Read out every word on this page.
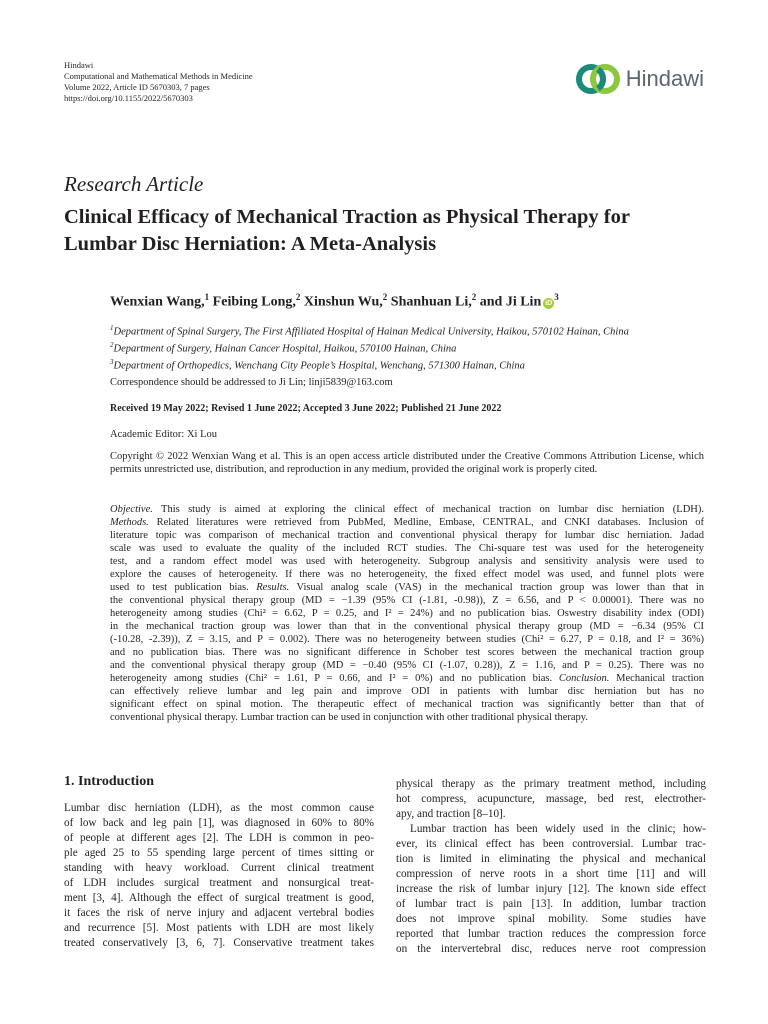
Hindawi
Computational and Mathematical Methods in Medicine
Volume 2022, Article ID 5670303, 7 pages
https://doi.org/10.1155/2022/5670303
Hindawi
Research Article
Clinical Efficacy of Mechanical Traction as Physical Therapy for
Lumbar Disc Herniation: A Meta-Analysis
Wenxian Wang,$^1$ Feibing Long,$^2$ Xinshun Wu,$^2$ Shanhuan Li,$^2$ and Ji Lin $iD^3$
$^1$Department of Spinal Surgery, The First Affiliated Hospital of Hainan Medical University, Haikou, 570102 Hainan, China
$^2$Department of Surgery, Hainan Cancer Hospital, Haikou, 570100 Hainan, China
$^3$Department of Orthopedics, Wenchang City People’s Hospital, Wenchang, 571300 Hainan, China
Correspondence should be addressed to Ji Lin; linji5839@163.com
Received 19 May 2022; Revised 1 June 2022; Accepted 3 June 2022; Published 21 June 2022
Academic Editor: Xi Lou
Copyright © 2022 Wenxian Wang et al. This is an open access article distributed under the Creative Commons Attribution License, which permits unrestricted use, distribution, and reproduction in any medium, provided the original work is properly cited.
Objective. This study is aimed at exploring the clinical effect of mechanical traction on lumbar disc herniation (LDH).
Methods. Related literatures were retrieved from PubMed, Medline, Embase, CENTRAL, and CNKI databases. Inclusion of
literature topic was comparison of mechanical traction and conventional physical therapy for lumbar disc herniation. Jadad
scale was used to evaluate the quality of the included RCT studies. The Chi-square test was used for the heterogeneity
test, and a random effect model was used with heterogeneity. Subgroup analysis and sensitivity analysis were used to
explore the causes of heterogeneity. If there was no heterogeneity, the fixed effect model was used, and funnel plots were
used to test publication bias. Results. Visual analog scale (VAS) in the mechanical traction group was lower than that in
the conventional physical therapy group (MD = −1.39 (95% CI (-1.81, -0.98)), Z = 6.56, and P < 0.00001). There was no
heterogeneity among studies (Chi² = 6.62, P = 0.25, and I² = 24%) and no publication bias. Oswestry disability index (ODI)
in the mechanical traction group was lower than that in the conventional physical therapy group (MD = −6.34 (95% CI
(-10.28, -2.39)), Z = 3.15, and P = 0.002). There was no heterogeneity between studies (Chi² = 6.27, P = 0.18, and I² = 36%)
and no publication bias. There was no significant difference in Schober test scores between the mechanical traction group
and the conventional physical therapy group (MD = −0.40 (95% CI (-1.07, 0.28)), Z = 1.16, and P = 0.25). There was no
heterogeneity among studies (Chi² = 1.61, P = 0.66, and I² = 0%) and no publication bias. Conclusion. Mechanical traction
can effectively relieve lumbar and leg pain and improve ODI in patients with lumbar disc herniation but has no
significant effect on spinal motion. The therapeutic effect of mechanical traction was significantly better than that of
conventional physical therapy. Lumbar traction can be used in conjunction with other traditional physical therapy.
1. Introduction
Lumbar disc herniation (LDH), as the most common cause
of low back and leg pain [1], was diagnosed in 60% to 80%
of people at different ages [2]. The LDH is common in peo-
ple aged 25 to 55 spending large percent of times sitting or
standing with heavy workload. Current clinical treatment
of LDH includes surgical treatment and nonsurgical treat-
ment [3, 4]. Although the effect of surgical treatment is good,
it faces the risk of nerve injury and adjacent vertebral bodies
and recurrence [5]. Most patients with LDH are most likely
treated conservatively [3, 6, 7]. Conservative treatment takes
physical therapy as the primary treatment method, including
hot compress, acupuncture, massage, bed rest, electrother-
apy, and traction [8–10].
Lumbar traction has been widely used in the clinic; how-
ever, its clinical effect has been controversial. Lumbar trac-
tion is limited in eliminating the physical and mechanical
compression of nerve roots in a short time [11] and will
increase the risk of lumbar injury [12]. The known side effect
of lumbar tract is pain [13]. In addition, lumbar traction
does not improve spinal mobility. Some studies have
reported that lumbar traction reduces the compression force
on the intervertebral disc, reduces nerve root compression
